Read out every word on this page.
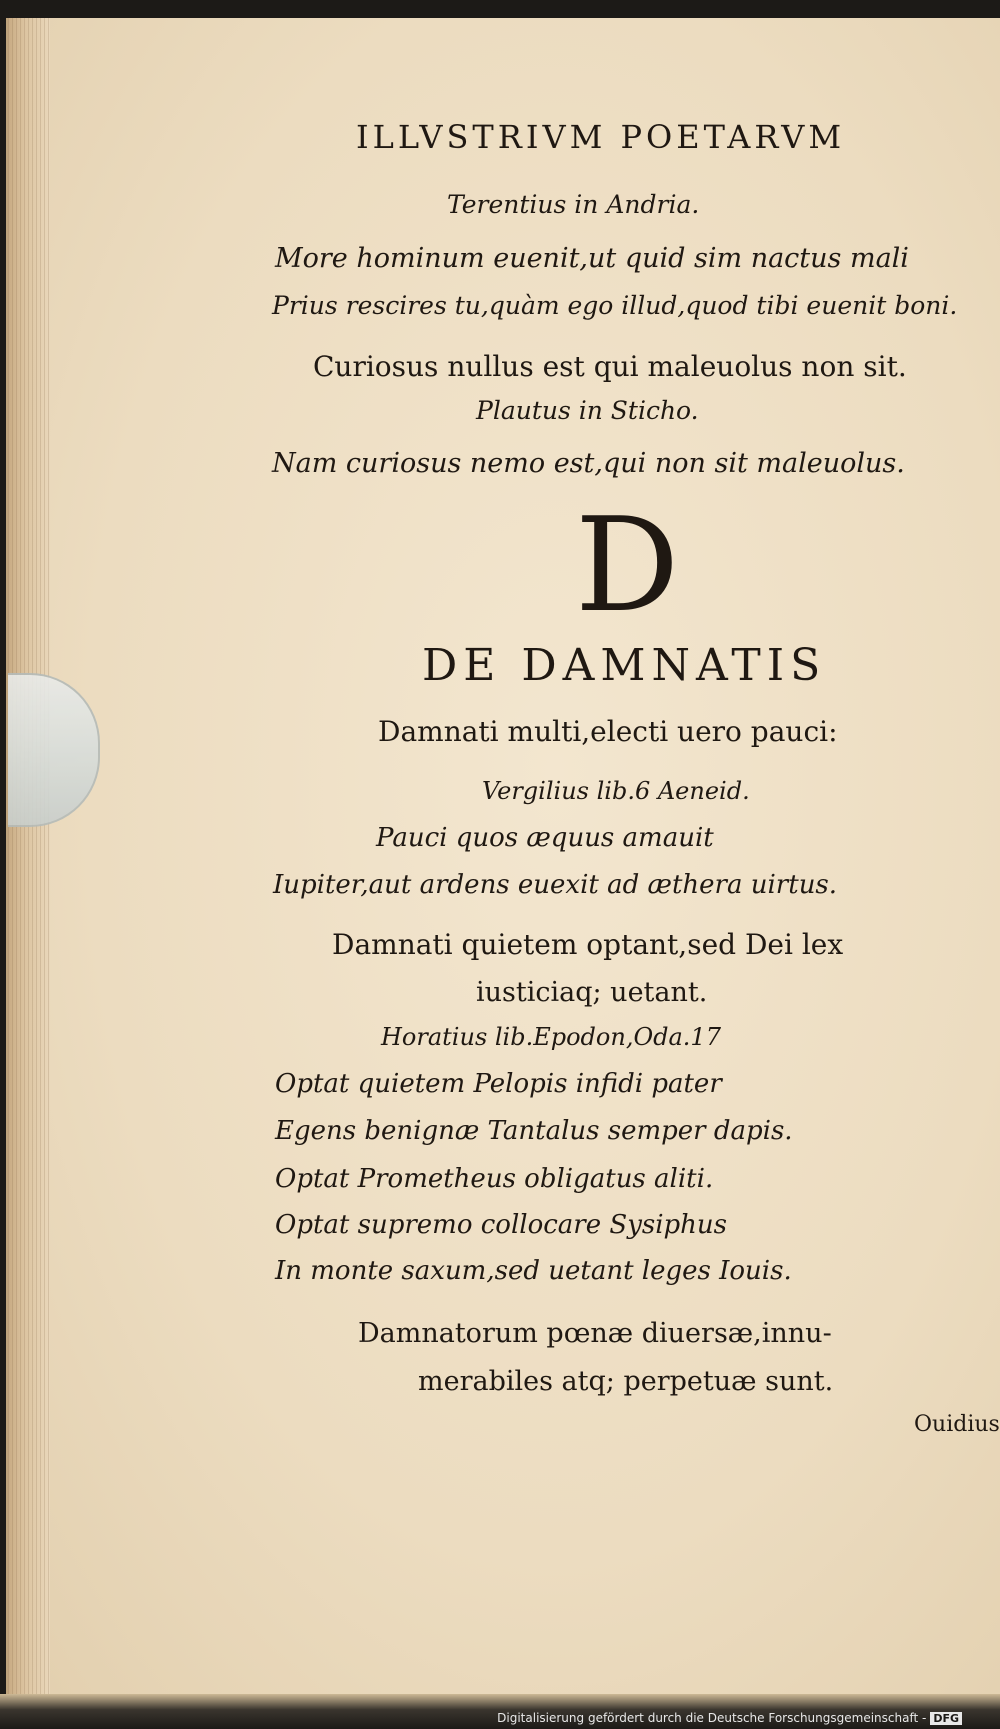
ILLVSTRIVM POETARVM
Terentius in Andria.
More hominum euenit,ut quid sim nactus mali
Prius rescires tu,quàm ego illud,quod tibi euenit boni.
Curiosus nullus est qui maleuolus non sit.
Plautus in Sticho.
Nam curiosus nemo est,qui non sit maleuolus.
D
DE DAMNATIS
Damnati multi,electi uero pauci:
Vergilius lib.6 Aeneid.
Pauci quos æquus amauit
Iupiter,aut ardens euexit ad æthera uirtus.
Damnati quietem optant,sed Dei lex
iusticiaq; uetant.
Horatius lib.Epodon,Oda.17
Optat quietem Pelopis infidi pater
Egens benignæ Tantalus semper dapis.
Optat Prometheus obligatus aliti.
Optat supremo collocare Sysiphus
In monte saxum,sed uetant leges Iouis.
Damnatorum pœnæ diuersæ,innu-
merabiles atq; perpetuæ sunt.
Ouidius
Digitalisierung gefördert durch die Deutsche Forschungsgemeinschaft - DFG
